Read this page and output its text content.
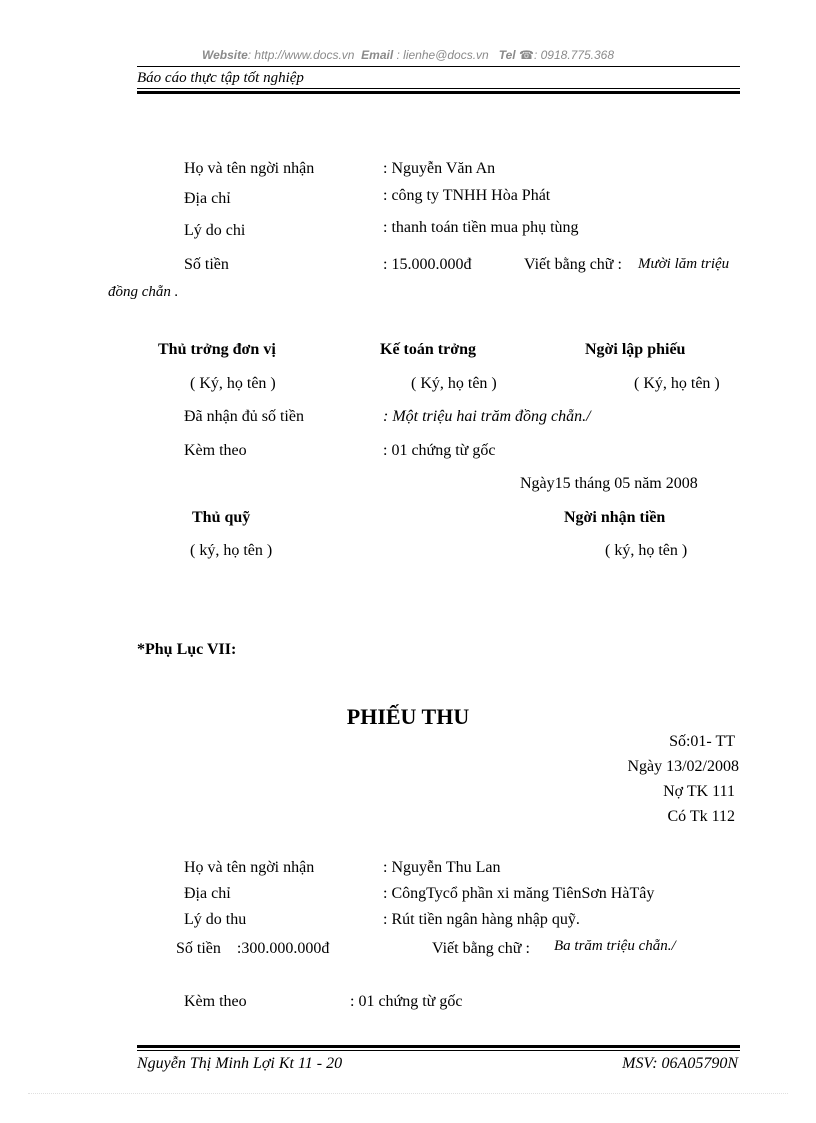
Website: http://www.docs.vn Email : lienhe@docs.vn Tel ☎: 0918.775.368
Báo cáo thực tập tốt nghiệp
Họ và tên ngời nhận	: Nguyễn Văn An
Địa chỉ	: công ty TNHH Hòa Phát
Lý do chi	: thanh toán tiền mua phụ tùng
Số tiền	: 15.000.000đ	Viết bằng chữ : Mười lăm triệu
đồng chẵn .
Thủ trởng đơn vị	Kế toán trởng	Ngời lập phiếu
( Ký, họ tên )	( Ký, họ tên )	( Ký, họ tên )
Đã nhận đủ số tiền	: Một triệu hai trăm đồng chẵn./
Kèm theo	: 01 chứng từ gốc
Ngày15 tháng 05 năm 2008
Thủ quỹ	Ngời nhận tiền
( ký, họ tên )	( ký, họ tên )
*Phụ Lục VII:
PHIẾU THU
Số:01- TT
Ngày 13/02/2008
Nợ TK 111
Có Tk 112
Họ và tên ngời nhận	: Nguyễn Thu Lan
Địa chỉ	: CôngTycổ phần xi măng TiênSơn HàTây
Lý do thu	: Rút tiền ngân hàng nhập quỹ.
Số tiền    :300.000.000đ	Viết bằng chữ : Ba trăm triệu chẵn./
Kèm theo	: 01 chứng từ gốc
Nguyễn Thị Minh Lợi Kt 11 - 20	MSV: 06A05790N
